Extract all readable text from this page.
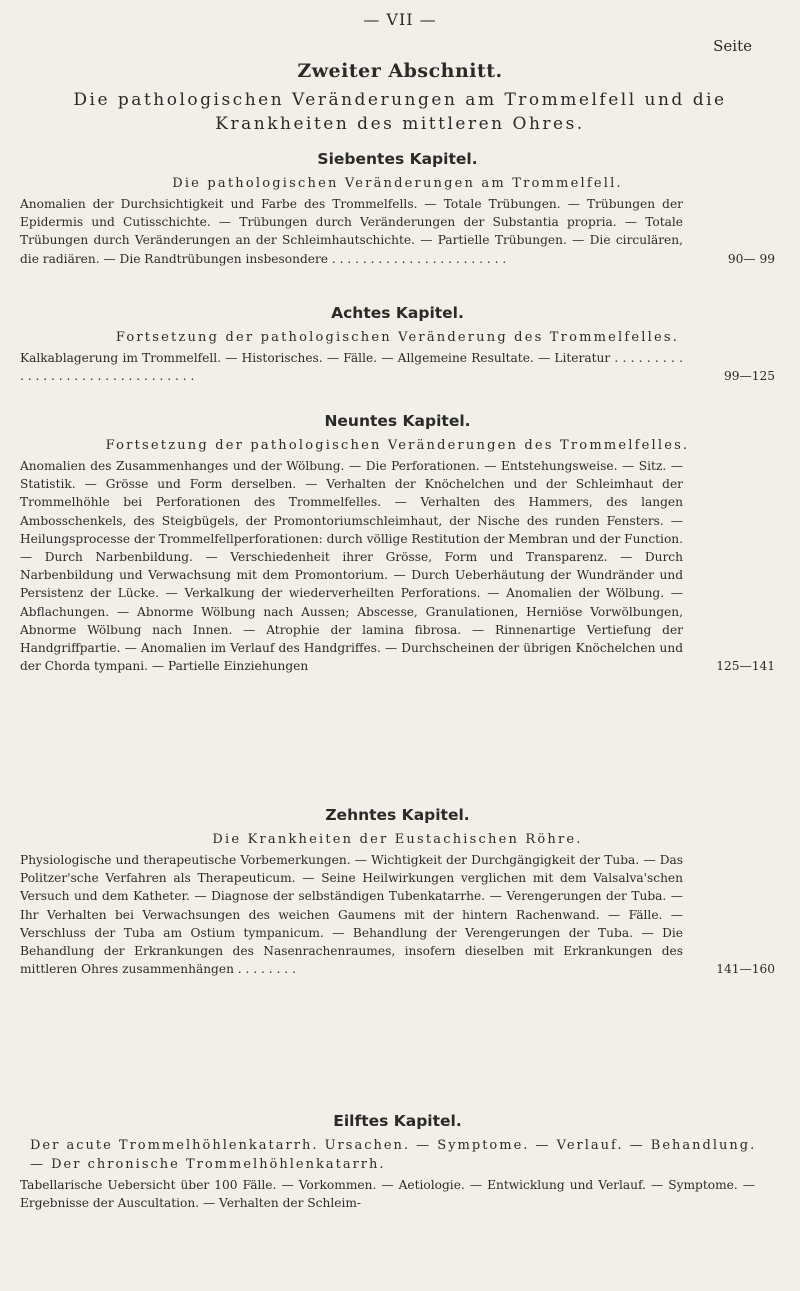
— VII —
Seite
Zweiter Abschnitt.
Die pathologischen Veränderungen am Trommelfell und die Krankheiten des mittleren Ohres.
Siebentes Kapitel.
Die pathologischen Veränderungen am Trommelfell.
Anomalien der Durchsichtigkeit und Farbe des Trommelfells. — Totale Trübungen. — Trübungen der Epidermis und Cutisschichte. — Trübungen durch Veränderungen der Substantia propria. — Totale Trübungen durch Veränderungen an der Schleimhautschichte. — Partielle Trübungen. — Die circulären, die radiären. — Die Randtrübungen insbesondere . . . . . . . . . . . . . . . . . . . . . . .	90— 99
Achtes Kapitel.
Fortsetzung der pathologischen Veränderung des Trommelfelles.
Kalkablagerung im Trommelfell. — Historisches. — Fälle. — Allgemeine Resultate. — Literatur . . . . . . . . . . . . . . . . . . . . . . . . . . . . . . . .	99—125
Neuntes Kapitel.
Fortsetzung der pathologischen Veränderungen des Trommelfelles.
Anomalien des Zusammenhanges und der Wölbung. — Die Perforationen. — Entstehungsweise. — Sitz. — Statistik. — Grösse und Form derselben. — Verhalten der Knöchelchen und der Schleimhaut der Trommelhöhle bei Perforationen des Trommelfelles. — Verhalten des Hammers, des langen Ambosschenkels, des Steigbügels, der Promontoriumschleimhaut, der Nische des runden Fensters. — Heilungsprocesse der Trommelfellperforationen: durch völlige Restitution der Membran und der Function. — Durch Narbenbildung. — Verschiedenheit ihrer Grösse, Form und Transparenz. — Durch Narbenbildung und Verwachsung mit dem Promontorium. — Durch Ueberhäutung der Wundränder und Persistenz der Lücke. — Verkalkung der wiederverheilten Perforations. — Anomalien der Wölbung. — Abflachungen. — Abnorme Wölbung nach Aussen; Abscesse, Granulationen, Herniöse Vorwölbungen, Abnorme Wölbung nach Innen. — Atrophie der lamina fibrosa. — Rinnenartige Vertiefung der Handgriffpartie. — Anomalien im Verlauf des Handgriffes. — Durchscheinen der übrigen Knöchelchen und der Chorda tympani. — Partielle Einziehungen	125—141
Zehntes Kapitel.
Die Krankheiten der Eustachischen Röhre.
Physiologische und therapeutische Vorbemerkungen. — Wichtigkeit der Durchgängigkeit der Tuba. — Das Politzer'sche Verfahren als Therapeuticum. — Seine Heilwirkungen verglichen mit dem Valsalva'schen Versuch und dem Katheter. — Diagnose der selbständigen Tubenkatarrhe. — Verengerungen der Tuba. — Ihr Verhalten bei Verwachsungen des weichen Gaumens mit der hintern Rachenwand. — Fälle. — Verschluss der Tuba am Ostium tympanicum. — Behandlung der Verengerungen der Tuba. — Die Behandlung der Erkrankungen des Nasenrachenraumes, insofern dieselben mit Erkrankungen des mittleren Ohres zusammenhängen . . . . . . . .	141—160
Eilftes Kapitel.
Der acute Trommelhöhlenkatarrh. Ursachen. — Symptome. — Verlauf. — Behandlung. — Der chronische Trommelhöhlenkatarrh.
Tabellarische Uebersicht über 100 Fälle. — Vorkommen. — Aetiologie. — Entwicklung und Verlauf. — Symptome. — Ergebnisse der Auscultation. — Verhalten der Schleim-
